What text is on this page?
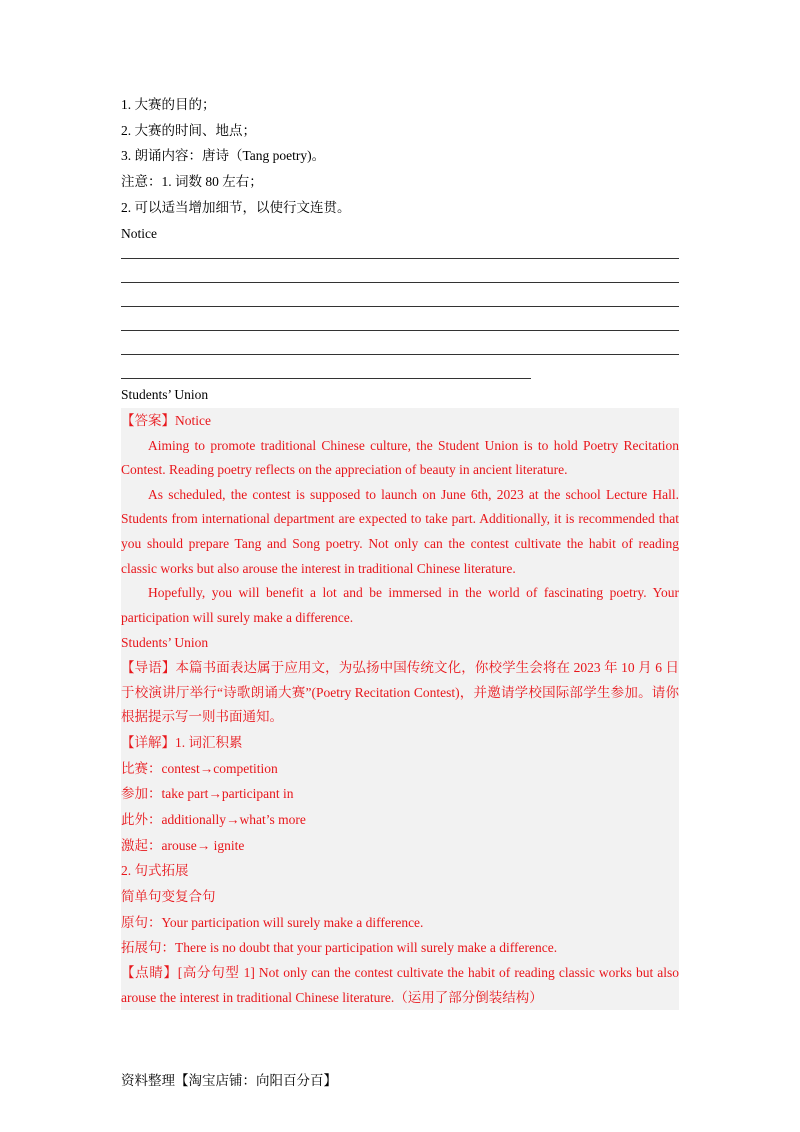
1. 大赛的目的；
2. 大赛的时间、地点；
3. 朗诵内容：唐诗（Tang poetry)。
注意：1. 词数 80 左右；
2. 可以适当增加细节，以使行文连贯。
Notice
Students’ Union
【答案】Notice
Aiming to promote traditional Chinese culture, the Student Union is to hold Poetry Recitation Contest. Reading poetry reflects on the appreciation of beauty in ancient literature.
As scheduled, the contest is supposed to launch on June 6th, 2023 at the school Lecture Hall. Students from international department are expected to take part. Additionally, it is recommended that you should prepare Tang and Song poetry. Not only can the contest cultivate the habit of reading classic works but also arouse the interest in traditional Chinese literature.
Hopefully, you will benefit a lot and be immersed in the world of fascinating poetry. Your participation will surely make a difference.
Students’ Union
【导语】本篇书面表达属于应用文，为弘扬中国传统文化，你校学生会将在 2023 年 10 月 6 日于校演讲厅举行“诗歌朗诵大赛”(Poetry Recitation Contest)，并邀请学校国际部学生参加。请你根据提示写一则书面通知。
【详解】1. 词汇积累
比赛：contest→competition
参加：take part→participant in
此外：additionally→what’s more
激起：arouse→ ignite
2. 句式拓展
简单句变复合句
原句：Your participation will surely make a difference.
拓展句：There is no doubt that your participation will surely make a difference.
【点睛】[高分句型 1] Not only can the contest cultivate the habit of reading classic works but also arouse the interest in traditional Chinese literature.（运用了部分倒装结构）
资料整理【淘宝店铺：向阳百分百】
